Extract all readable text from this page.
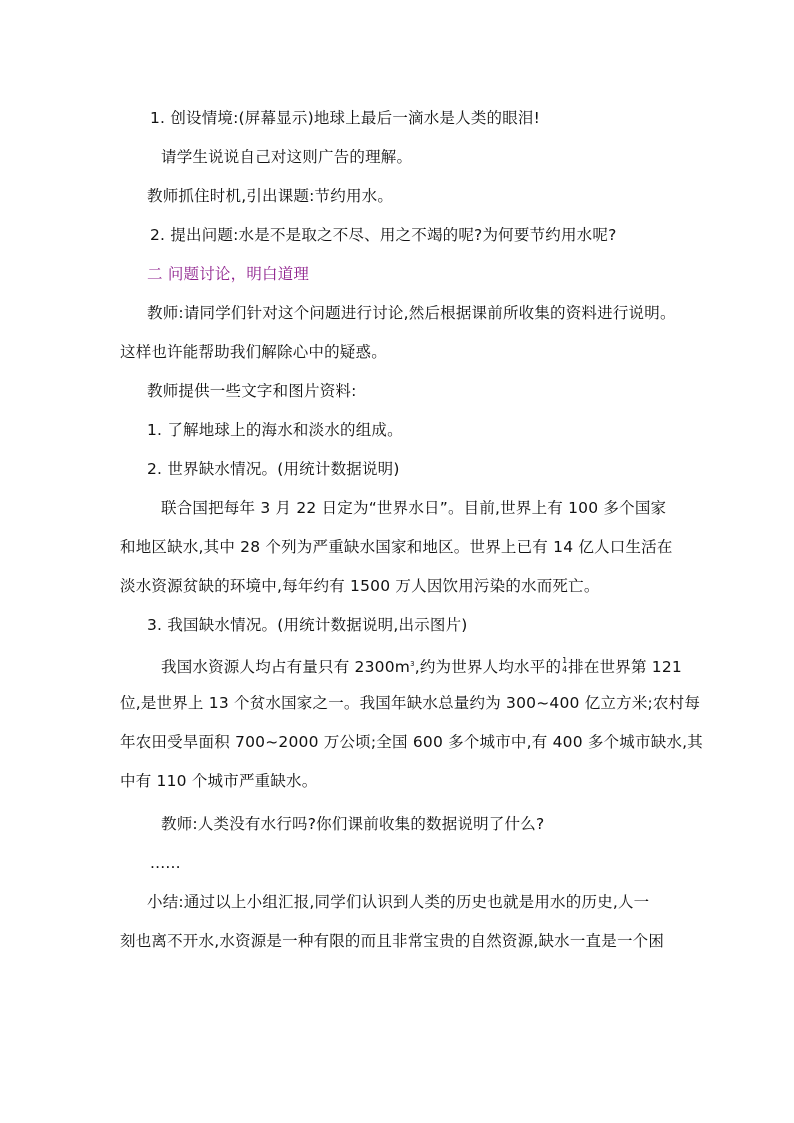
1. 创设情境:(屏幕显示)地球上最后一滴水是人类的眼泪!
请学生说说自己对这则广告的理解。
教师抓住时机,引出课题:节约用水。
2. 提出问题:水是不是取之不尽、用之不竭的呢?为何要节约用水呢?
二 问题讨论，明白道理
教师:请同学们针对这个问题进行讨论,然后根据课前所收集的资料进行说明。
这样也许能帮助我们解除心中的疑惑。
教师提供一些文字和图片资料:
1. 了解地球上的海水和淡水的组成。
2. 世界缺水情况。(用统计数据说明)
联合国把每年 3 月 22 日定为“世界水日”。目前,世界上有 100 多个国家
和地区缺水,其中 28 个列为严重缺水国家和地区。世界上已有 14 亿人口生活在
淡水资源贫缺的环境中,每年约有 1500 万人因饮用污染的水而死亡。
3. 我国缺水情况。(用统计数据说明,出示图片)
我国水资源人均占有量只有 $2300m^3$,约为世界人均水平的 1
4 排在世界第 121
位,是世界上 13 个贫水国家之一。我国年缺水总量约为 300~400 亿立方米;农村每
年农田受旱面积 700~2000 万公顷;全国 600 多个城市中,有 400 多个城市缺水,其
中有 110 个城市严重缺水。
教师:人类没有水行吗?你们课前收集的数据说明了什么?
......
小结:通过以上小组汇报,同学们认识到人类的历史也就是用水的历史,人一
刻也离不开水,水资源是一种有限的而且非常宝贵的自然资源,缺水一直是一个困
